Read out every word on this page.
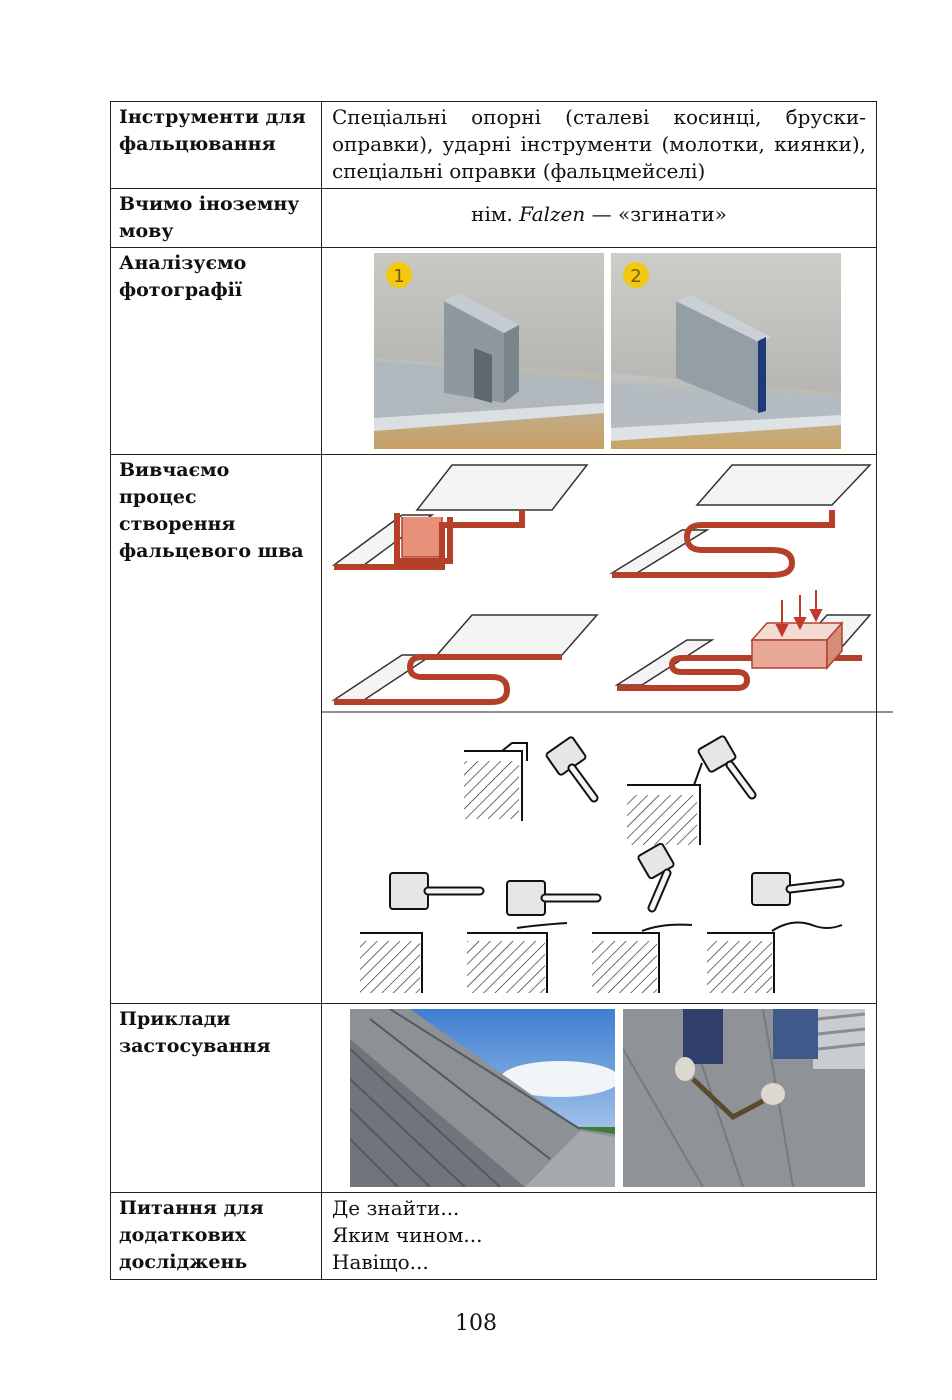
Інструменти для фальцювання	Спеціальні опорні (сталеві косинці, бруски-оправки), ударні інструменти (молотки, киянки), спеціальні оправки (фальцмейселі)

Вчимо іноземну мову	нім. Falzen — «згинати»

Аналізуємо фотографії	1 2

Вивчаємо процес створення фальцевого шва	

Приклади застосування	

Питання для додаткових досліджень	Де знайти...
Яким чином...
Навіщо...
108
